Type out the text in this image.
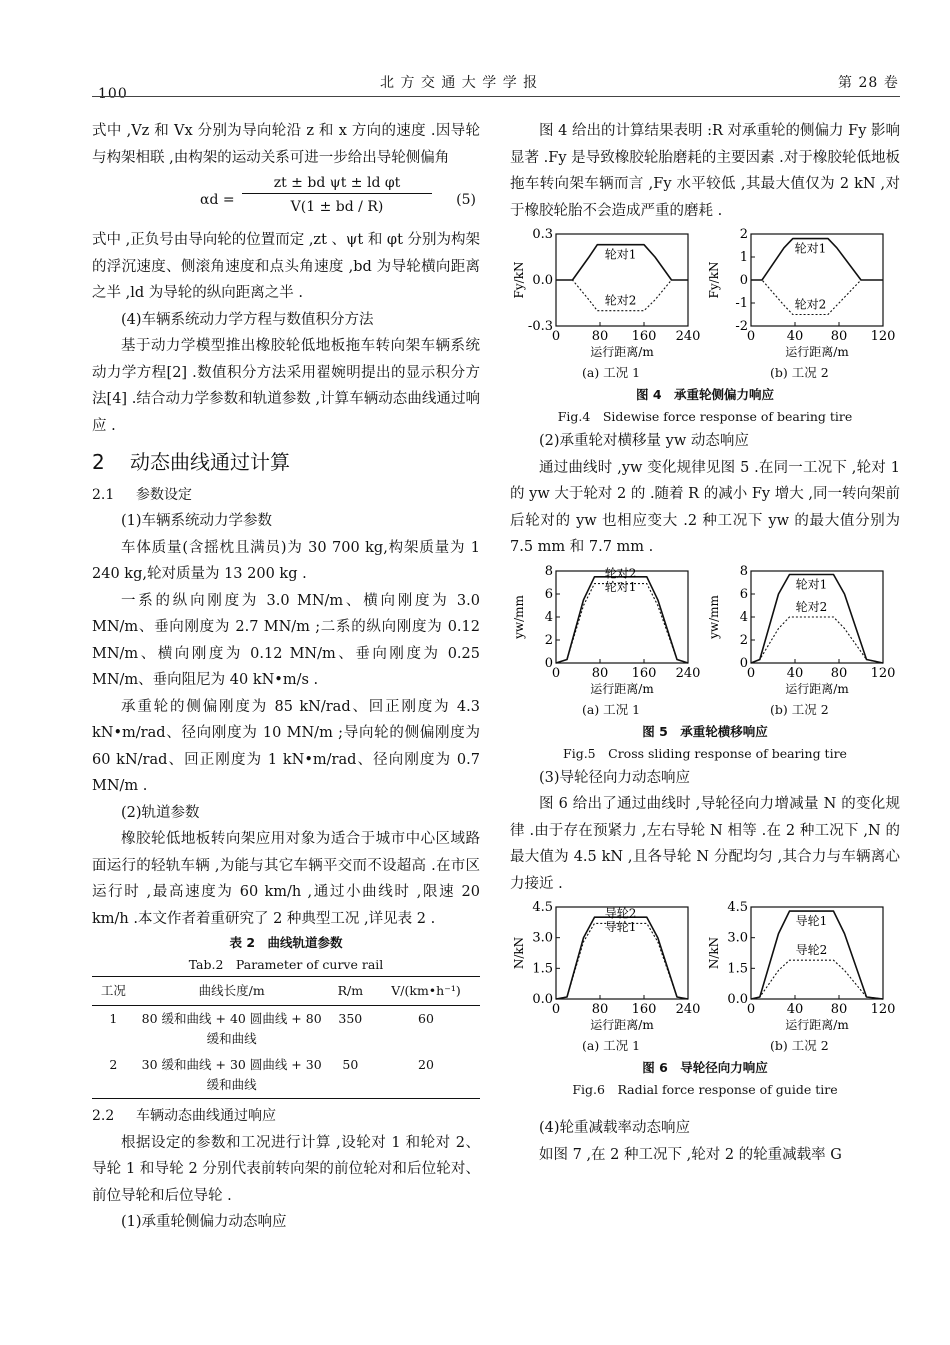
100
北 方 交 通 大 学 学 报	第 28 卷

式中 ,Vz 和 Vx 分别为导向轮沿 z 和 x 方向的速度 .因导轮与构架相联 ,由构架的运动关系可进一步给出导轮侧偏角

αd =
zt ± bd ψt ± ld φt
V(1 ± bd / R)	(5)

式中 ,正负号由导向轮的位置而定 ,zt 、ψt 和 φt 分别为构架的浮沉速度、侧滚角速度和点头角速度 ,bd 为导轮横向距离之半 ,ld 为导轮的纵向距离之半 .

(4)车辆系统动力学方程与数值积分方法

基于动力学模型推出橡胶轮低地板拖车转向架车辆系统动力学方程[2] .数值积分方法采用翟婉明提出的显示积分方法[4] .结合动力学参数和轨道参数 ,计算车辆动态曲线通过响应 .

2 动态曲线通过计算
2.1 参数设定

(1)车辆系统动力学参数

车体质量(含摇枕且满员)为 30 700 kg,构架质量为 1 240 kg,轮对质量为 13 200 kg .

一系的纵向刚度为 3.0 MN/m、横向刚度为 3.0 MN/m、垂向刚度为 2.7 MN/m ;二系的纵向刚度为 0.12 MN/m、横向刚度为 0.12 MN/m、垂向刚度为 0.25 MN/m、垂向阻尼为 40 kN•m/s .

承重轮的侧偏刚度为 85 kN/rad、回正刚度为 4.3 kN•m/rad、径向刚度为 10 MN/m ;导向轮的侧偏刚度为 60 kN/rad、回正刚度为 1 kN•m/rad、径向刚度为 0.7 MN/m .

(2)轨道参数

橡胶轮低地板转向架应用对象为适合于城市中心区域路面运行的轻轨车辆 ,为能与其它车辆平交而不设超高 .在市区运行时 ,最高速度为 60 km/h ,通过小曲线时 ,限速 20 km/h .本文作者着重研究了 2 种典型工况 ,详见表 2 .

表 2　曲线轨道参数
Tab.2　Parameter of curve rail
工况	曲线长度/m	R/m	V/(km•h⁻¹)
1	80 缓和曲线 + 40 圆曲线 + 80 缓和曲线	350	60
2	30 缓和曲线 + 30 圆曲线 + 30 缓和曲线	50	20
2.2 车辆动态曲线通过响应

根据设定的参数和工况进行计算 ,设轮对 1 和轮对 2、导轮 1 和导轮 2 分别代表前转向架的前位轮对和后位轮对、前位导轮和后位导轮 .

(1)承重轮侧偏力动态响应

图 4 给出的计算结果表明 :R 对承重轮的侧偏力 Fy 影响显著 .Fy 是导致橡胶轮胎磨耗的主要因素 .对于橡胶轮低地板拖车转向架车辆而言 ,Fy 水平较低 ,其最大值仅为 2 kN ,对于橡胶轮胎不会造成严重的磨耗 .

0 80 160 240
0.3
0.0
-0.3
运行距离/m
Fy/kN
轮对1
轮对2
0 40 80 120
2
1
0
-1
-2
运行距离/m
Fy/kN
轮对1
轮对2
(a) 工况 1	(b) 工况 2
图 4　承重轮侧偏力响应
Fig.4　Sidewise force response of bearing tire

(2)承重轮对横移量 yw 动态响应

通过曲线时 ,yw 变化规律见图 5 .在同一工况下 ,轮对 1 的 yw 大于轮对 2 的 .随着 R 的减小 Fy 增大 ,同一转向架前后轮对的 yw 也相应变大 .2 种工况下 yw 的最大值分别为 7.5 mm 和 7.7 mm .

0 80 160 240
8
6
4
2
0
运行距离/m
yw/mm
轮对1
轮对2
0 40 80 120
8
6
4
2
0
运行距离/m
yw/mm
轮对1
轮对2
(a) 工况 1	(b) 工况 2
图 5　承重轮横移响应
Fig.5　Cross sliding response of bearing tire

(3)导轮径向力动态响应

图 6 给出了通过曲线时 ,导轮径向力增减量 N 的变化规律 .由于存在预紧力 ,左右导轮 N 相等 .在 2 种工况下 ,N 的最大值为 4.5 kN ,且各导轮 N 分配均匀 ,其合力与车辆离心力接近 .

0 80 160 240
4.5
3.0
1.5
0.0
运行距离/m
N/kN
导轮1
导轮2
0 40 80 120
4.5
3.0
1.5
0.0
运行距离/m
N/kN
导轮1
导轮2
(a) 工况 1	(b) 工况 2
图 6　导轮径向力响应
Fig.6　Radial force response of guide tire

(4)轮重减载率动态响应

如图 7 ,在 2 种工况下 ,轮对 2 的轮重减载率 G
